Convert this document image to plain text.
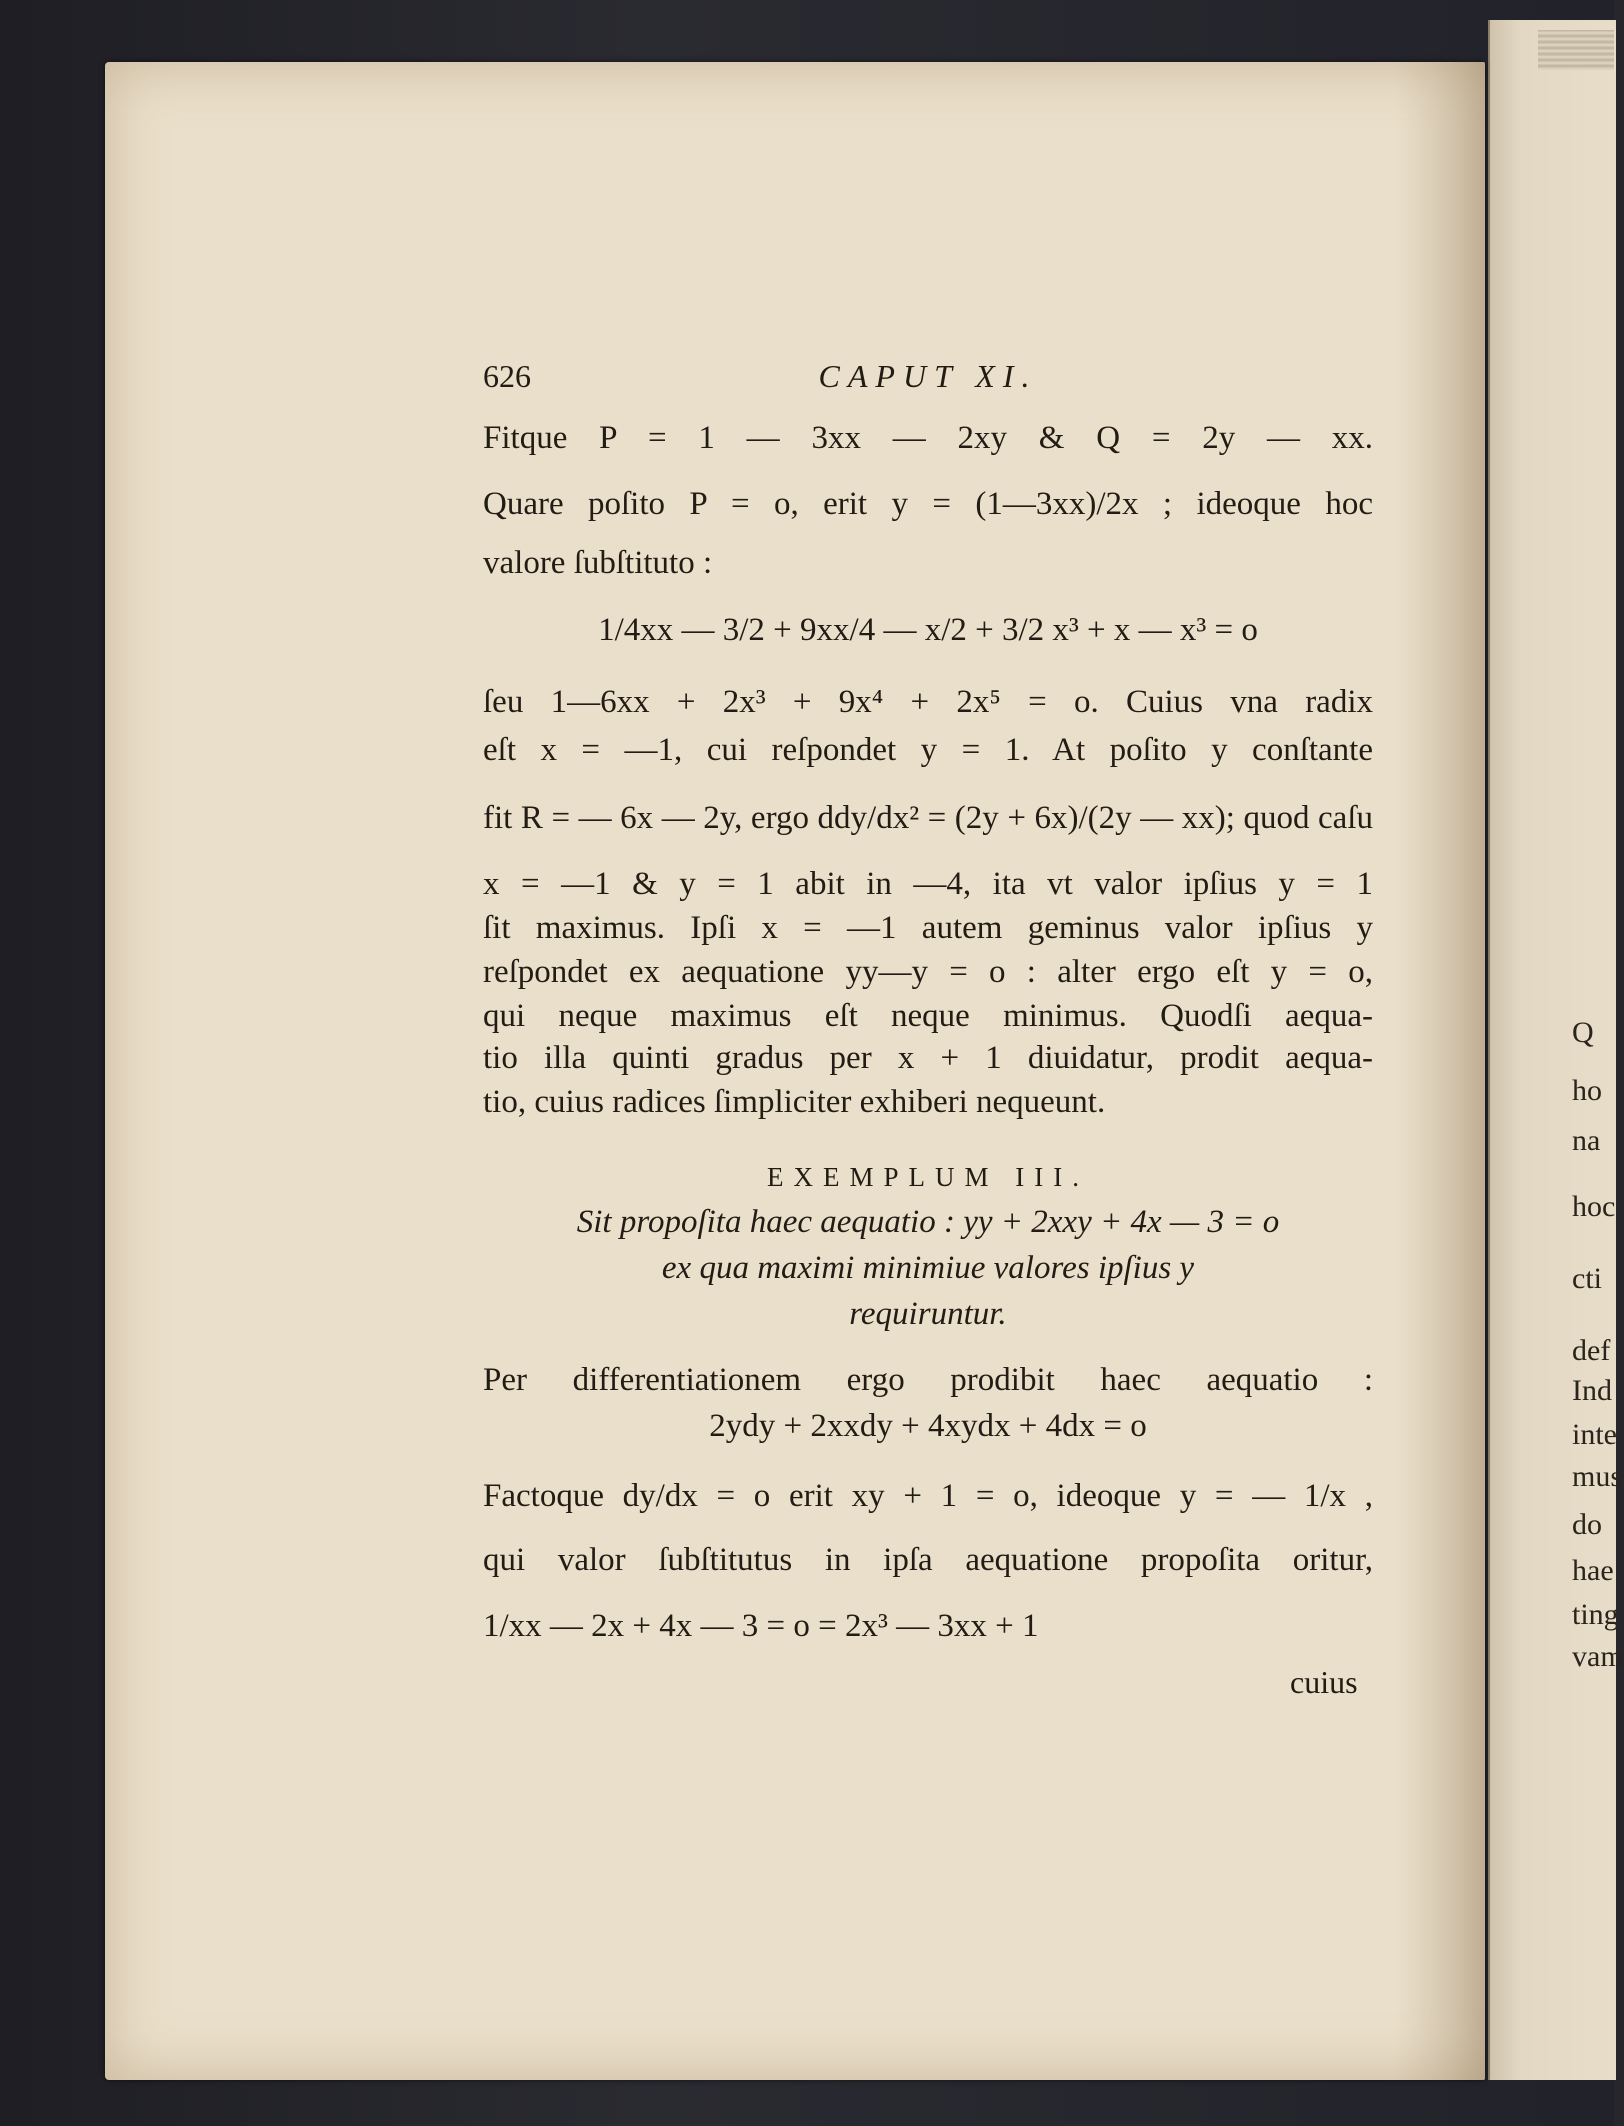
Q
ho
na
hoc
cti
def
Ind
inte
mus
do
hae
ting
vam
626	CAPUT XI.
Fitque P = 1 — 3xx — 2xy & Q = 2y — xx.
Quare poſito P = o, erit y = (1—3xx)/2x ; ideoque hoc
valore ſubſtituto :
1/4xx — 3/2 + 9xx/4 — x/2 + 3/2 x³ + x — x³ = o
ſeu 1—6xx + 2x³ + 9x⁴ + 2x⁵ = o. Cuius vna radix
eſt x = —1, cui reſpondet y = 1. At poſito y conſtante
fit R = — 6x — 2y, ergo ddy/dx² = (2y + 6x)/(2y — xx); quod caſu
x = —1 & y = 1 abit in —4, ita vt valor ipſius y = 1
ſit maximus. Ipſi x = —1 autem geminus valor ipſius y
reſpondet ex aequatione yy—y = o : alter ergo eſt y = o,
qui neque maximus eſt neque minimus. Quodſi aequa-
tio illa quinti gradus per x + 1 diuidatur, prodit aequa-
tio, cuius radices ſimpliciter exhiberi nequeunt.
EXEMPLUM III.
Sit propoſita haec aequatio : yy + 2xxy + 4x — 3 = o
ex qua maximi minimiue valores ipſius y
requiruntur.
Per differentiationem ergo prodibit haec aequatio :
2ydy + 2xxdy + 4xydx + 4dx = o
Factoque dy/dx = o erit xy + 1 = o, ideoque y = — 1/x ,
qui valor ſubſtitutus in ipſa aequatione propoſita oritur,
1/xx — 2x + 4x — 3 = o = 2x³ — 3xx + 1
cuius
